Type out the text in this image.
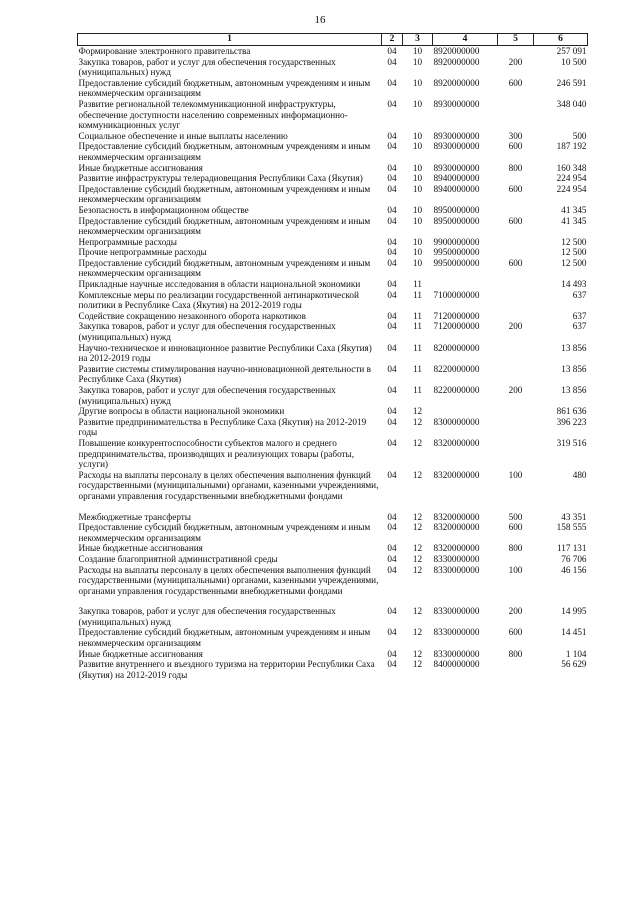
16
1	2	3	4	5	6
Формирование электронного правительства	04	10	8920000000		257 091
Закупка товаров, работ и услуг для обеспечения государственных (муниципальных) нужд	04	10	8920000000	200	10 500
Предоставление субсидий бюджетным, автономным учреждениям и иным некоммерческим организациям	04	10	8920000000	600	246 591
Развитие региональной телекоммуникационной инфраструктуры, обеспечение доступности населению современных информационно-коммуникационных услуг	04	10	8930000000		348 040
Социальное обеспечение и иные выплаты населению	04	10	8930000000	300	500
Предоставление субсидий бюджетным, автономным учреждениям и иным некоммерческим организациям	04	10	8930000000	600	187 192
Иные бюджетные ассигнования	04	10	8930000000	800	160 348
Развитие инфраструктуры телерадиовещания Республики Саха (Якутия)	04	10	8940000000		224 954
Предоставление субсидий бюджетным, автономным учреждениям и иным некоммерческим организациям	04	10	8940000000	600	224 954
Безопасность в информационном обществе	04	10	8950000000		41 345
Предоставление субсидий бюджетным, автономным учреждениям и иным некоммерческим организациям	04	10	8950000000	600	41 345
Непрограммные расходы	04	10	9900000000		12 500
Прочие непрограммные расходы	04	10	9950000000		12 500
Предоставление субсидий бюджетным, автономным учреждениям и иным некоммерческим организациям	04	10	9950000000	600	12 500
Прикладные научные исследования в области национальной экономики	04	11			14 493
Комплексные меры по реализации государственной антинаркотической политики в Республике Саха (Якутия) на 2012-2019 годы	04	11	7100000000		637
Содействие сокращению незаконного оборота наркотиков	04	11	7120000000		637
Закупка товаров, работ и услуг для обеспечения государственных (муниципальных) нужд	04	11	7120000000	200	637
Научно-техническое и инновационное развитие Республики Саха (Якутия) на 2012-2019 годы	04	11	8200000000		13 856
Развитие системы стимулирования научно-инновационной деятельности в Республике Саха (Якутия)	04	11	8220000000		13 856
Закупка товаров, работ и услуг для обеспечения государственных (муниципальных) нужд	04	11	8220000000	200	13 856
Другие вопросы в области национальной экономики	04	12			861 636
Развитие предпринимательства в Республике Саха (Якутия) на 2012-2019 годы	04	12	8300000000		396 223
Повышение конкурентоспособности субъектов малого и среднего предпринимательства, производящих и реализующих товары (работы, услуги)	04	12	8320000000		319 516
Расходы на выплаты персоналу в целях обеспечения выполнения функций государственными (муниципальными) органами, казенными учреждениями, органами управления государственными внебюджетными фондами	04	12	8320000000	100	480

Межбюджетные трансферты	04	12	8320000000	500	43 351
Предоставление субсидий бюджетным, автономным учреждениям и иным некоммерческим организациям	04	12	8320000000	600	158 555
Иные бюджетные ассигнования	04	12	8320000000	800	117 131
Создание благоприятной административной среды	04	12	8330000000		76 706
Расходы на выплаты персоналу в целях обеспечения выполнения функций государственными (муниципальными) органами, казенными учреждениями, органами управления государственными внебюджетными фондами	04	12	8330000000	100	46 156

Закупка товаров, работ и услуг для обеспечения государственных (муниципальных) нужд	04	12	8330000000	200	14 995
Предоставление субсидий бюджетным, автономным учреждениям и иным некоммерческим организациям	04	12	8330000000	600	14 451
Иные бюджетные ассигнования	04	12	8330000000	800	1 104
Развитие внутреннего и въездного туризма на территории Республики Саха (Якутия) на 2012-2019 годы	04	12	8400000000		56 629
